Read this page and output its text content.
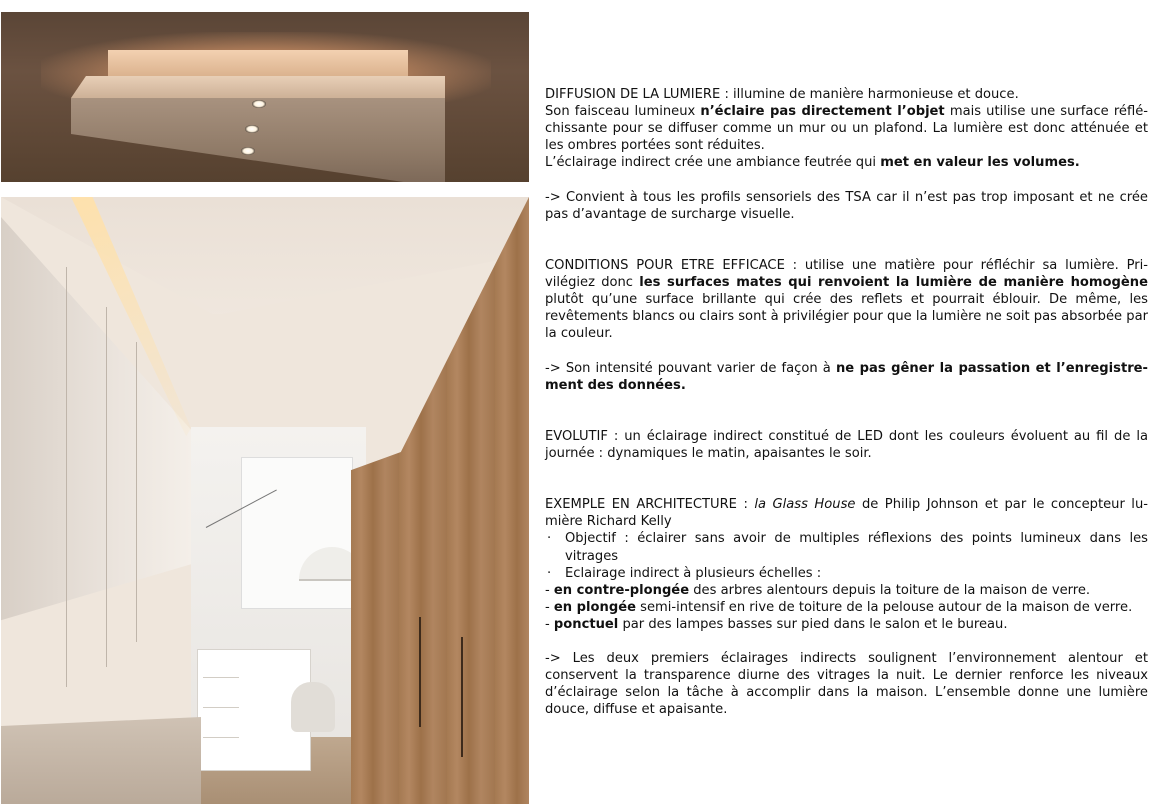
DIFFUSION DE LA LUMIERE : illumine de manière harmonieuse et douce.

Son faisceau lumineux n’éclaire pas directement l’objet mais utilise une surface réflé-chissante pour se diffuser comme un mur ou un plafond. La lumière est donc atténuée et les ombres portées sont réduites.

L’éclairage indirect crée une ambiance feutrée qui met en valeur les volumes.

-> Convient à tous les profils sensoriels des TSA car il n’est pas trop imposant et ne crée pas d’avantage de surcharge visuelle.

CONDITIONS POUR ETRE EFFICACE : utilise une matière pour réfléchir sa lumière. Pri-vilégiez donc les surfaces mates qui renvoient la lumière de manière homogène plutôt qu’une surface brillante qui crée des reflets et pourrait éblouir. De même, les revêtements blancs ou clairs sont à privilégier pour que la lumière ne soit pas absorbée par la couleur.

-> Son intensité pouvant varier de façon à ne pas gêner la passation et l’enregistre-ment des données.

EVOLUTIF : un éclairage indirect constitué de LED dont les couleurs évoluent au fil de la journée : dynamiques le matin, apaisantes le soir.

EXEMPLE EN ARCHITECTURE : la Glass House de Philip Johnson et par le concepteur lu-mière Richard Kelly

· Objectif : éclairer sans avoir de multiples réflexions des points lumineux dans les vitrages

· Eclairage indirect à plusieurs échelles :

- en contre-plongée des arbres alentours depuis la toiture de la maison de verre.

- en plongée semi-intensif en rive de toiture de la pelouse autour de la maison de verre.

- ponctuel par des lampes basses sur pied dans le salon et le bureau.

-> Les deux premiers éclairages indirects soulignent l’environnement alentour et conservent la transparence diurne des vitrages la nuit. Le dernier renforce les niveaux d’éclairage selon la tâche à accomplir dans la maison. L’ensemble donne une lumière douce, diffuse et apaisante.
